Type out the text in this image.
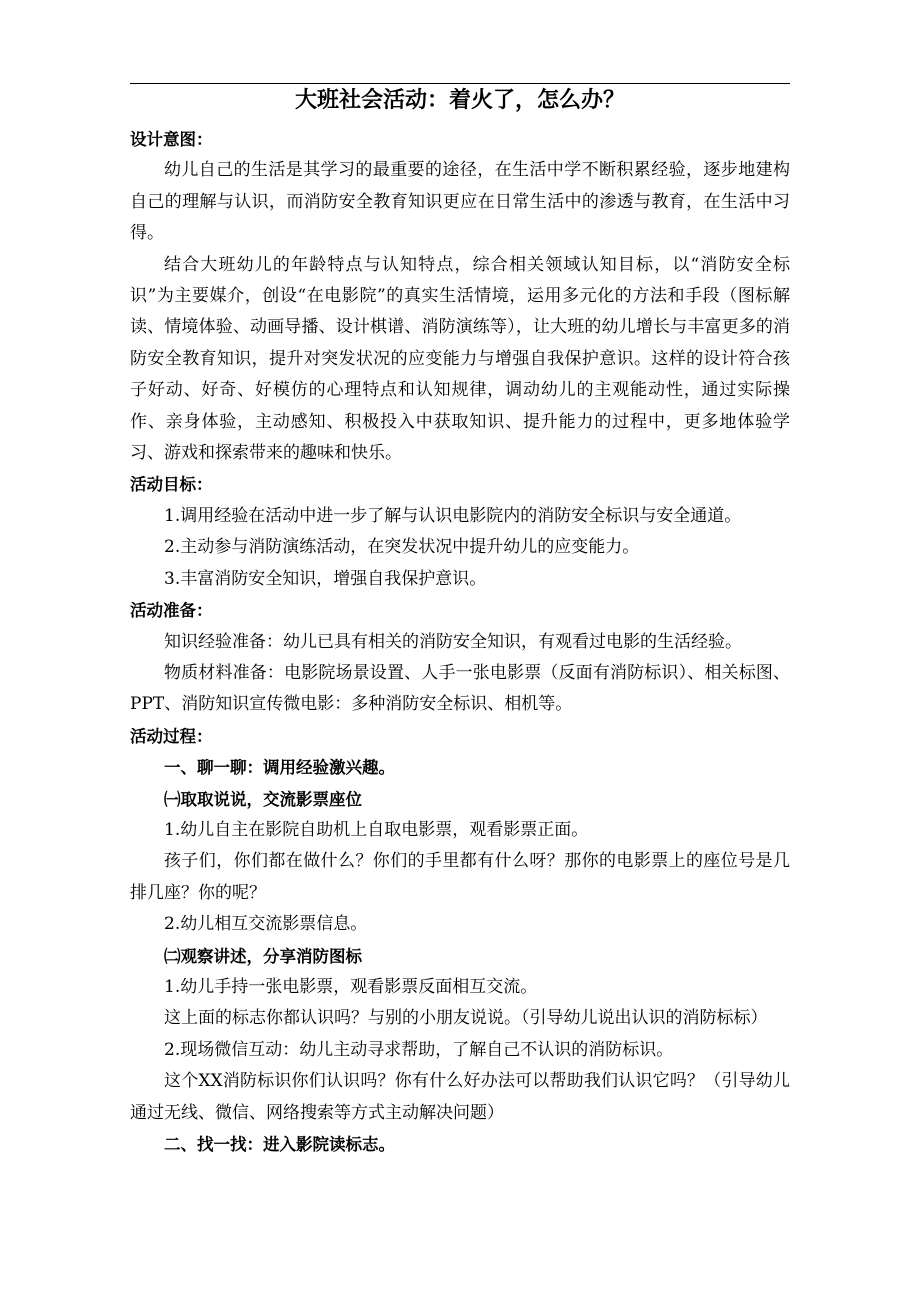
大班社会活动：着火了，怎么办？

设计意图：

幼儿自己的生活是其学习的最重要的途径，在生活中学不断积累经验，逐步地建构自己的理解与认识，而消防安全教育知识更应在日常生活中的渗透与教育，在生活中习得。

结合大班幼儿的年龄特点与认知特点，综合相关领域认知目标，以“消防安全标识”为主要媒介，创设“在电影院”的真实生活情境，运用多元化的方法和手段（图标解读、情境体验、动画导播、设计棋谱、消防演练等），让大班的幼儿增长与丰富更多的消防安全教育知识，提升对突发状况的应变能力与增强自我保护意识。这样的设计符合孩子好动、好奇、好模仿的心理特点和认知规律，调动幼儿的主观能动性，通过实际操作、亲身体验，主动感知、积极投入中获取知识、提升能力的过程中，更多地体验学习、游戏和探索带来的趣味和快乐。

活动目标：

1.调用经验在活动中进一步了解与认识电影院内的消防安全标识与安全通道。

2.主动参与消防演练活动，在突发状况中提升幼儿的应变能力。

3.丰富消防安全知识，增强自我保护意识。

活动准备：

知识经验准备：幼儿已具有相关的消防安全知识，有观看过电影的生活经验。

物质材料准备：电影院场景设置、人手一张电影票（反面有消防标识）、相关标图、PPT、消防知识宣传微电影：多种消防安全标识、相机等。

活动过程：

一、聊一聊：调用经验激兴趣。

㈠取取说说，交流影票座位

1.幼儿自主在影院自助机上自取电影票，观看影票正面。

孩子们，你们都在做什么？你们的手里都有什么呀？那你的电影票上的座位号是几排几座？你的呢？

2.幼儿相互交流影票信息。

㈡观察讲述，分享消防图标

1.幼儿手持一张电影票，观看影票反面相互交流。

这上面的标志你都认识吗？与别的小朋友说说。（引导幼儿说出认识的消防标标）

2.现场微信互动：幼儿主动寻求帮助，了解自己不认识的消防标识。

这个XX消防标识你们认识吗？你有什么好办法可以帮助我们认识它吗？（引导幼儿通过无线、微信、网络搜索等方式主动解决问题）

二、找一找：进入影院读标志。
